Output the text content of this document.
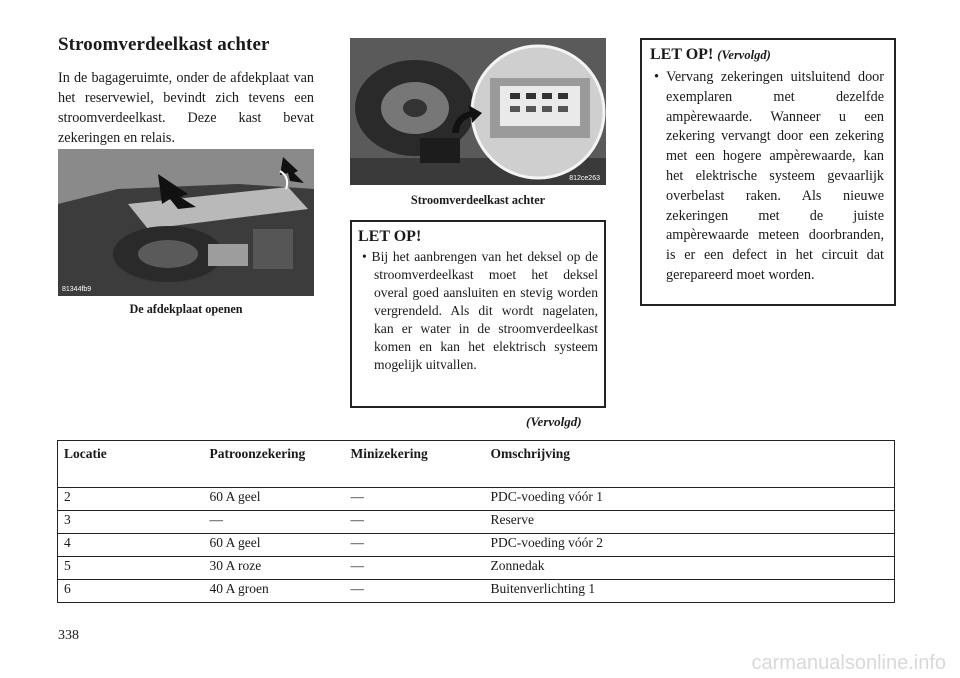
Stroomverdeelkast achter

In de bagageruimte, onder de afdekplaat van het reservewiel, bevindt zich tevens een stroomverdeelkast. Deze kast bevat zekeringen en relais.

81344fb9

De afdekplaat openen

812ce263

Stroomverdeelkast achter

LET OP!

• Bij het aanbrengen van het deksel op de stroomverdeelkast moet het deksel overal goed aansluiten en stevig worden vergrendeld. Als dit wordt nagelaten, kan er water in de stroomverdeelkast komen en kan het elektrisch systeem mogelijk uitvallen.

(Vervolgd)

LET OP! (Vervolgd)

• Vervang zekeringen uitsluitend door exemplaren met dezelfde ampèrewaarde. Wanneer u een zekering vervangt door een zekering met een hogere ampèrewaarde, kan het elektrische systeem gevaarlijk overbelast raken. Als nieuwe zekeringen met de juiste ampèrewaarde meteen doorbranden, is er een defect in het circuit dat gerepareerd moet worden.

Locatie	Patroonzekering	Minizekering	Omschrijving
2	60 A geel	—	PDC-voeding vóór 1
3	—	—	Reserve
4	60 A geel	—	PDC-voeding vóór 2
5	30 A roze	—	Zonnedak
6	40 A groen	—	Buitenverlichting 1
338
carmanualsonline.info
